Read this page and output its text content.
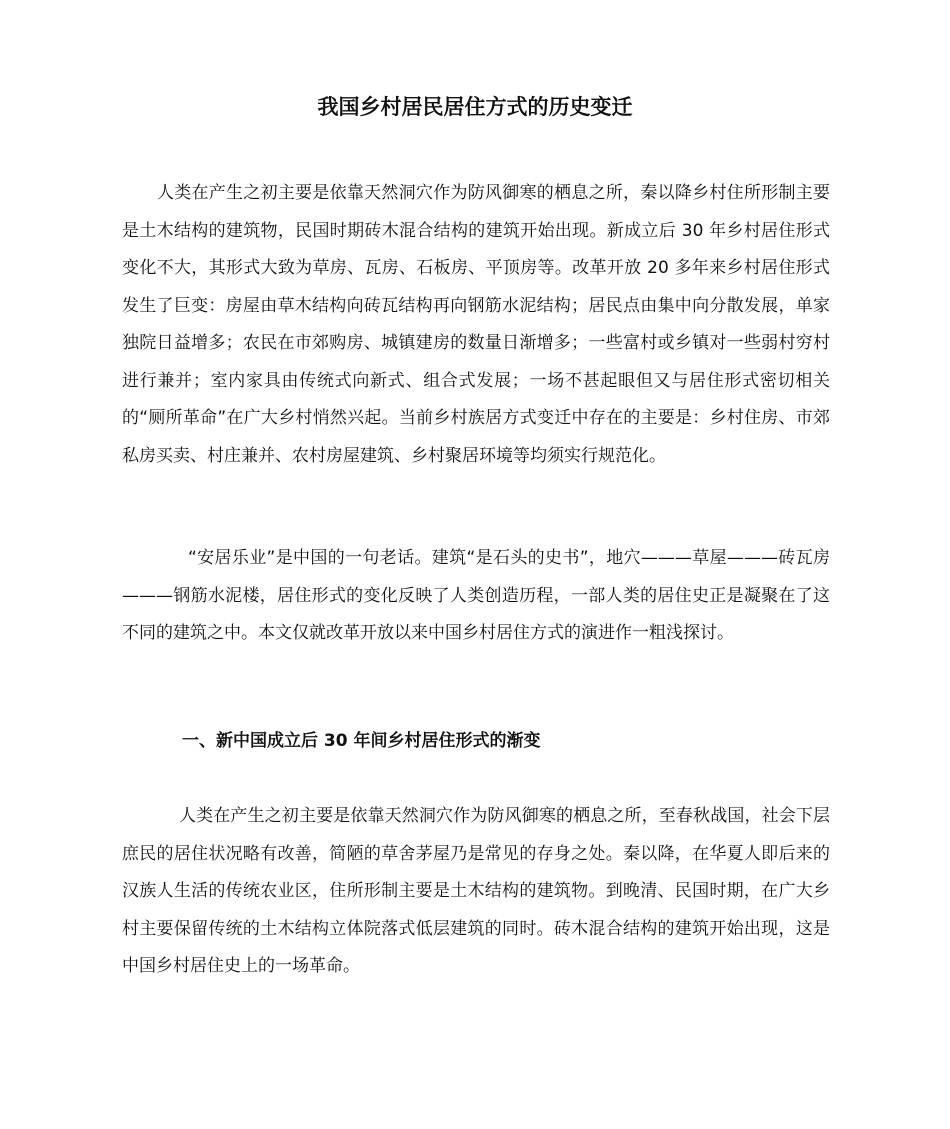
我国乡村居民居住方式的历史变迁

人类在产生之初主要是依靠天然洞穴作为防风御寒的栖息之所，秦以降乡村住所形制主要是土木结构的建筑物，民国时期砖木混合结构的建筑开始出现。新成立后 30 年乡村居住形式变化不大，其形式大致为草房、瓦房、石板房、平顶房等。改革开放 20 多年来乡村居住形式发生了巨变：房屋由草木结构向砖瓦结构再向钢筋水泥结构；居民点由集中向分散发展，单家独院日益增多；农民在市郊购房、城镇建房的数量日渐增多；一些富村或乡镇对一些弱村穷村进行兼并；室内家具由传统式向新式、组合式发展；一场不甚起眼但又与居住形式密切相关的“厕所革命”在广大乡村悄然兴起。当前乡村族居方式变迁中存在的主要是：乡村住房、市郊私房买卖、村庄兼并、农村房屋建筑、乡村聚居环境等均须实行规范化。

“安居乐业”是中国的一句老话。建筑“是石头的史书”，地穴———草屋———砖瓦房———钢筋水泥楼，居住形式的变化反映了人类创造历程，一部人类的居住史正是凝聚在了这不同的建筑之中。本文仅就改革开放以来中国乡村居住方式的演进作一粗浅探讨。

一、新中国成立后 30 年间乡村居住形式的渐变

人类在产生之初主要是依靠天然洞穴作为防风御寒的栖息之所，至春秋战国，社会下层庶民的居住状况略有改善，简陋的草舍茅屋乃是常见的存身之处。秦以降，在华夏人即后来的汉族人生活的传统农业区，住所形制主要是土木结构的建筑物。到晚清、民国时期，在广大乡村主要保留传统的土木结构立体院落式低层建筑的同时。砖木混合结构的建筑开始出现，这是中国乡村居住史上的一场革命。
